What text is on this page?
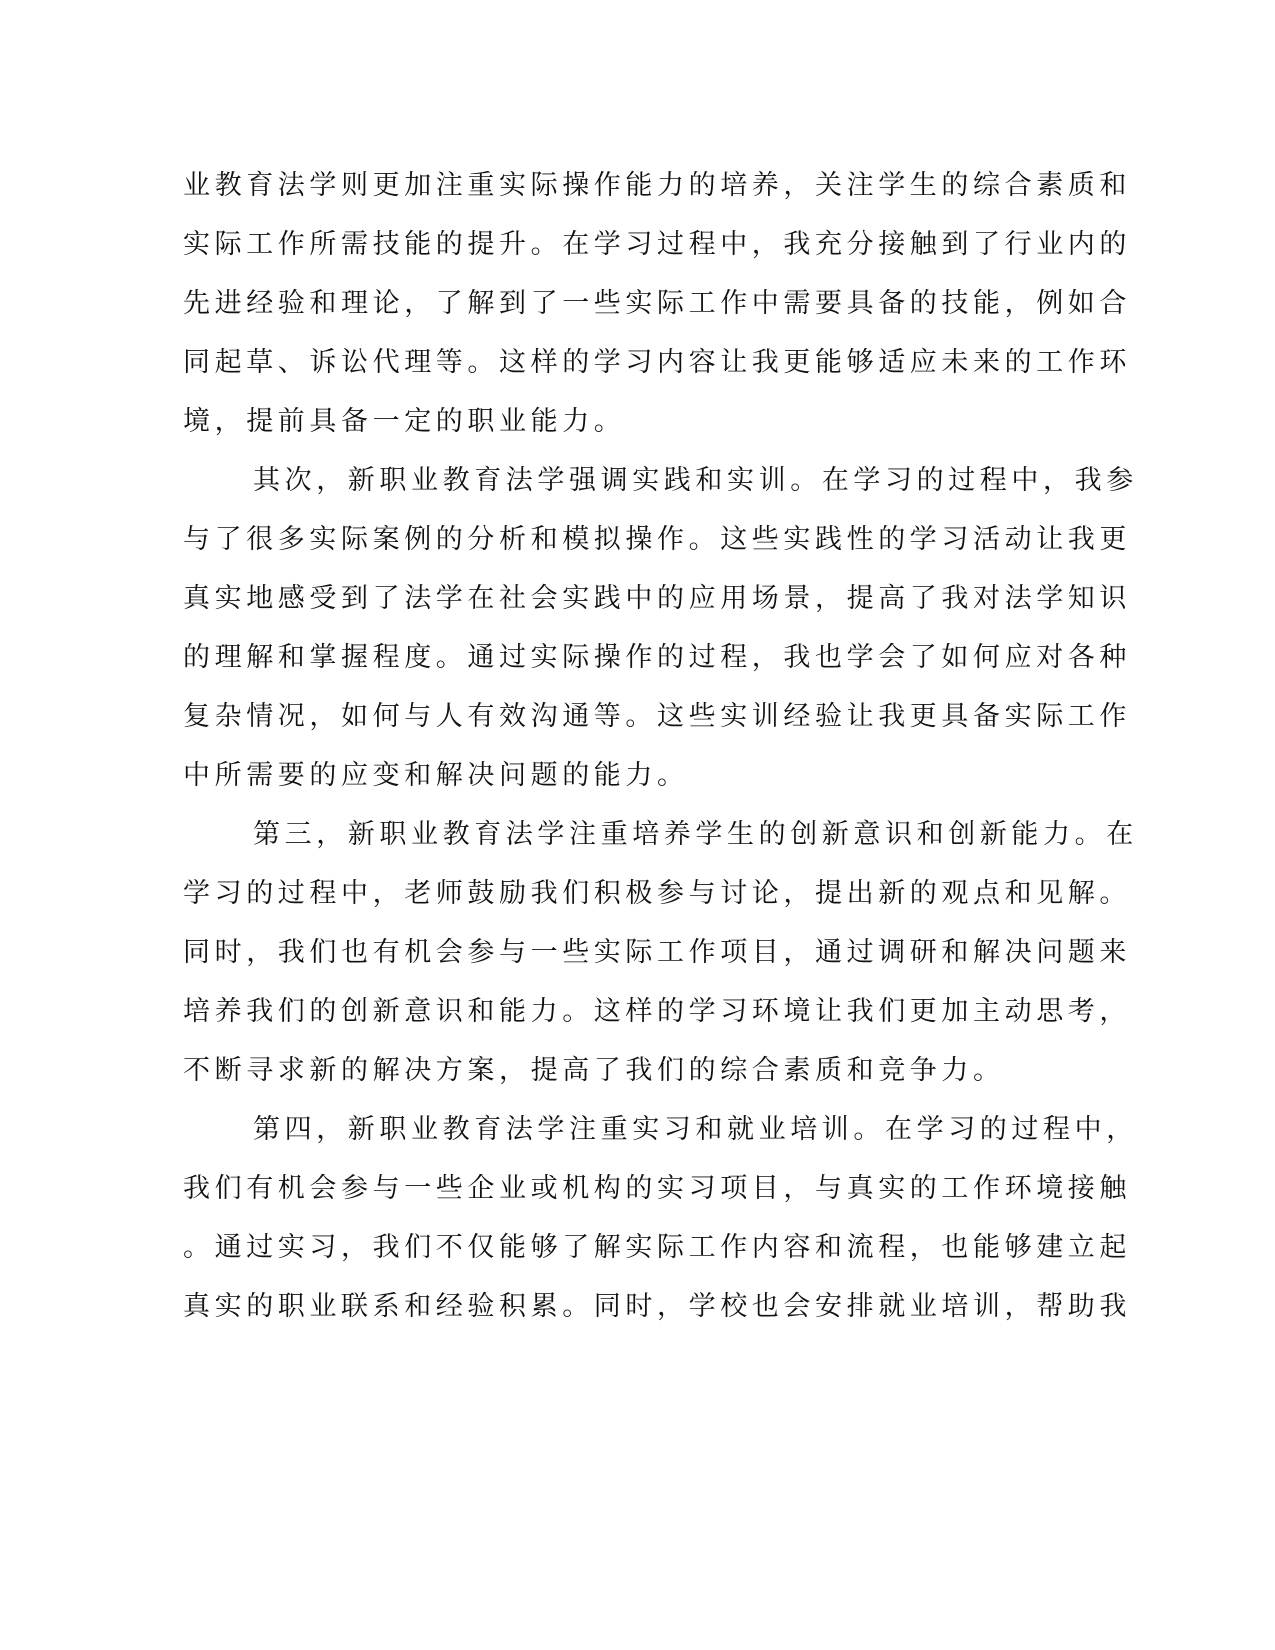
业教育法学则更加注重实际操作能力的培养，关注学生的综合素质和
实际工作所需技能的提升。在学习过程中，我充分接触到了行业内的
先进经验和理论，了解到了一些实际工作中需要具备的技能，例如合
同起草、诉讼代理等。这样的学习内容让我更能够适应未来的工作环
境，提前具备一定的职业能力。
其次，新职业教育法学强调实践和实训。在学习的过程中，我参
与了很多实际案例的分析和模拟操作。这些实践性的学习活动让我更
真实地感受到了法学在社会实践中的应用场景，提高了我对法学知识
的理解和掌握程度。通过实际操作的过程，我也学会了如何应对各种
复杂情况，如何与人有效沟通等。这些实训经验让我更具备实际工作
中所需要的应变和解决问题的能力。
第三，新职业教育法学注重培养学生的创新意识和创新能力。在
学习的过程中，老师鼓励我们积极参与讨论，提出新的观点和见解。
同时，我们也有机会参与一些实际工作项目，通过调研和解决问题来
培养我们的创新意识和能力。这样的学习环境让我们更加主动思考，
不断寻求新的解决方案，提高了我们的综合素质和竞争力。
第四，新职业教育法学注重实习和就业培训。在学习的过程中，
我们有机会参与一些企业或机构的实习项目，与真实的工作环境接触
。通过实习，我们不仅能够了解实际工作内容和流程，也能够建立起
真实的职业联系和经验积累。同时，学校也会安排就业培训，帮助我
